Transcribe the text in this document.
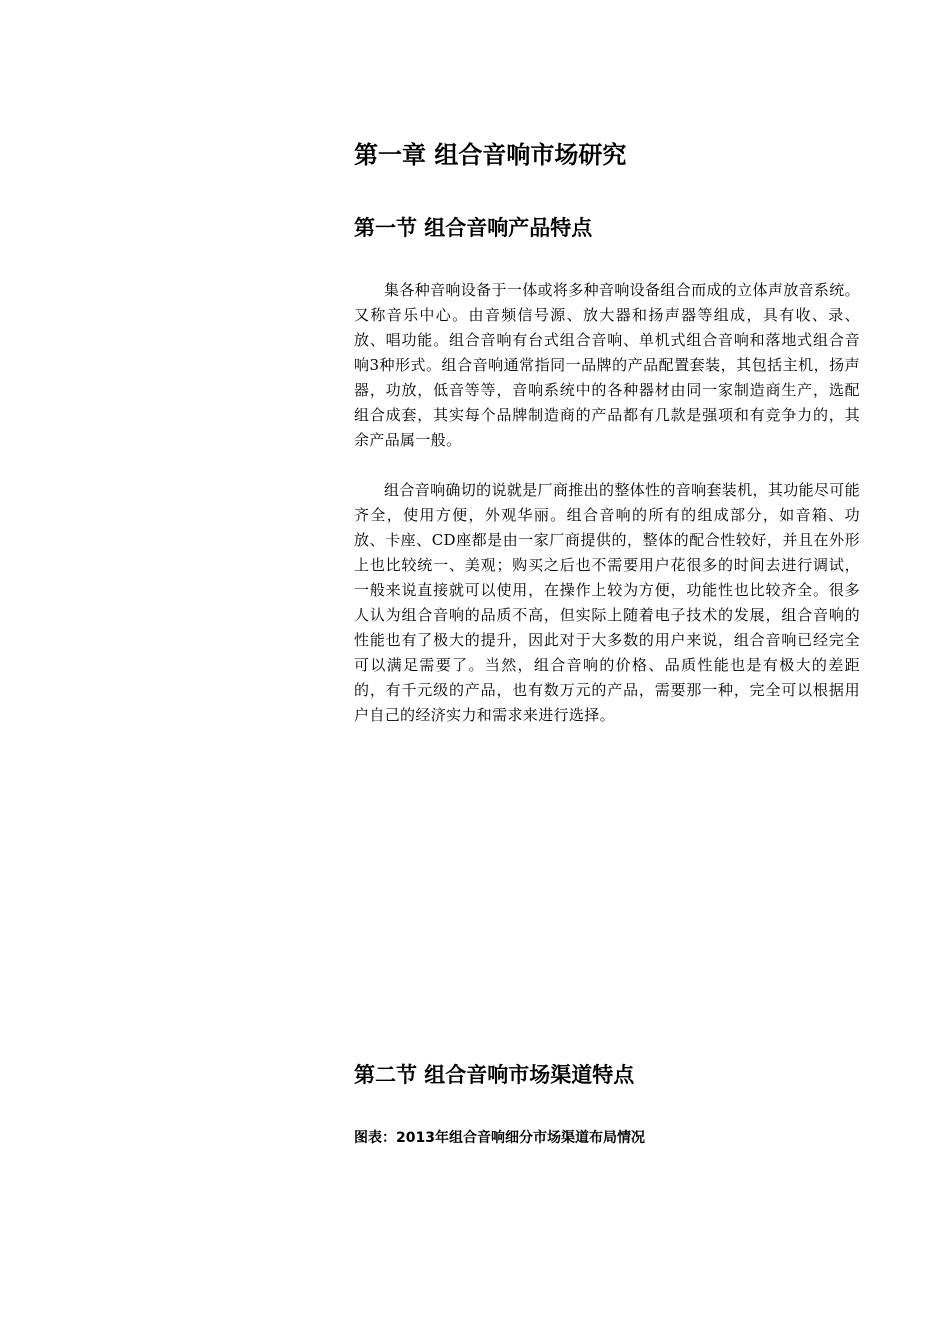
第一章 组合音响市场研究
第一节 组合音响产品特点

集各种音响设备于一体或将多种音响设备组合而成的立体声放音系统。又称音乐中心。由音频信号源、放大器和扬声器等组成，具有收、录、放、唱功能。组合音响有台式组合音响、单机式组合音响和落地式组合音响3种形式。组合音响通常指同一品牌的产品配置套装，其包括主机，扬声器，功放，低音等等，音响系统中的各种器材由同一家制造商生产，选配组合成套，其实每个品牌制造商的产品都有几款是强项和有竞争力的，其余产品属一般。

组合音响确切的说就是厂商推出的整体性的音响套装机，其功能尽可能齐全，使用方便，外观华丽。组合音响的所有的组成部分，如音箱、功放、卡座、CD座都是由一家厂商提供的，整体的配合性较好，并且在外形上也比较统一、美观；购买之后也不需要用户花很多的时间去进行调试，一般来说直接就可以使用，在操作上较为方便，功能性也比较齐全。很多人认为组合音响的品质不高，但实际上随着电子技术的发展，组合音响的性能也有了极大的提升，因此对于大多数的用户来说，组合音响已经完全可以满足需要了。当然，组合音响的价格、品质性能也是有极大的差距的，有千元级的产品，也有数万元的产品，需要那一种，完全可以根据用户自己的经济实力和需求来进行选择。

第二节 组合音响市场渠道特点

图表：2013年组合音响细分市场渠道布局情况
